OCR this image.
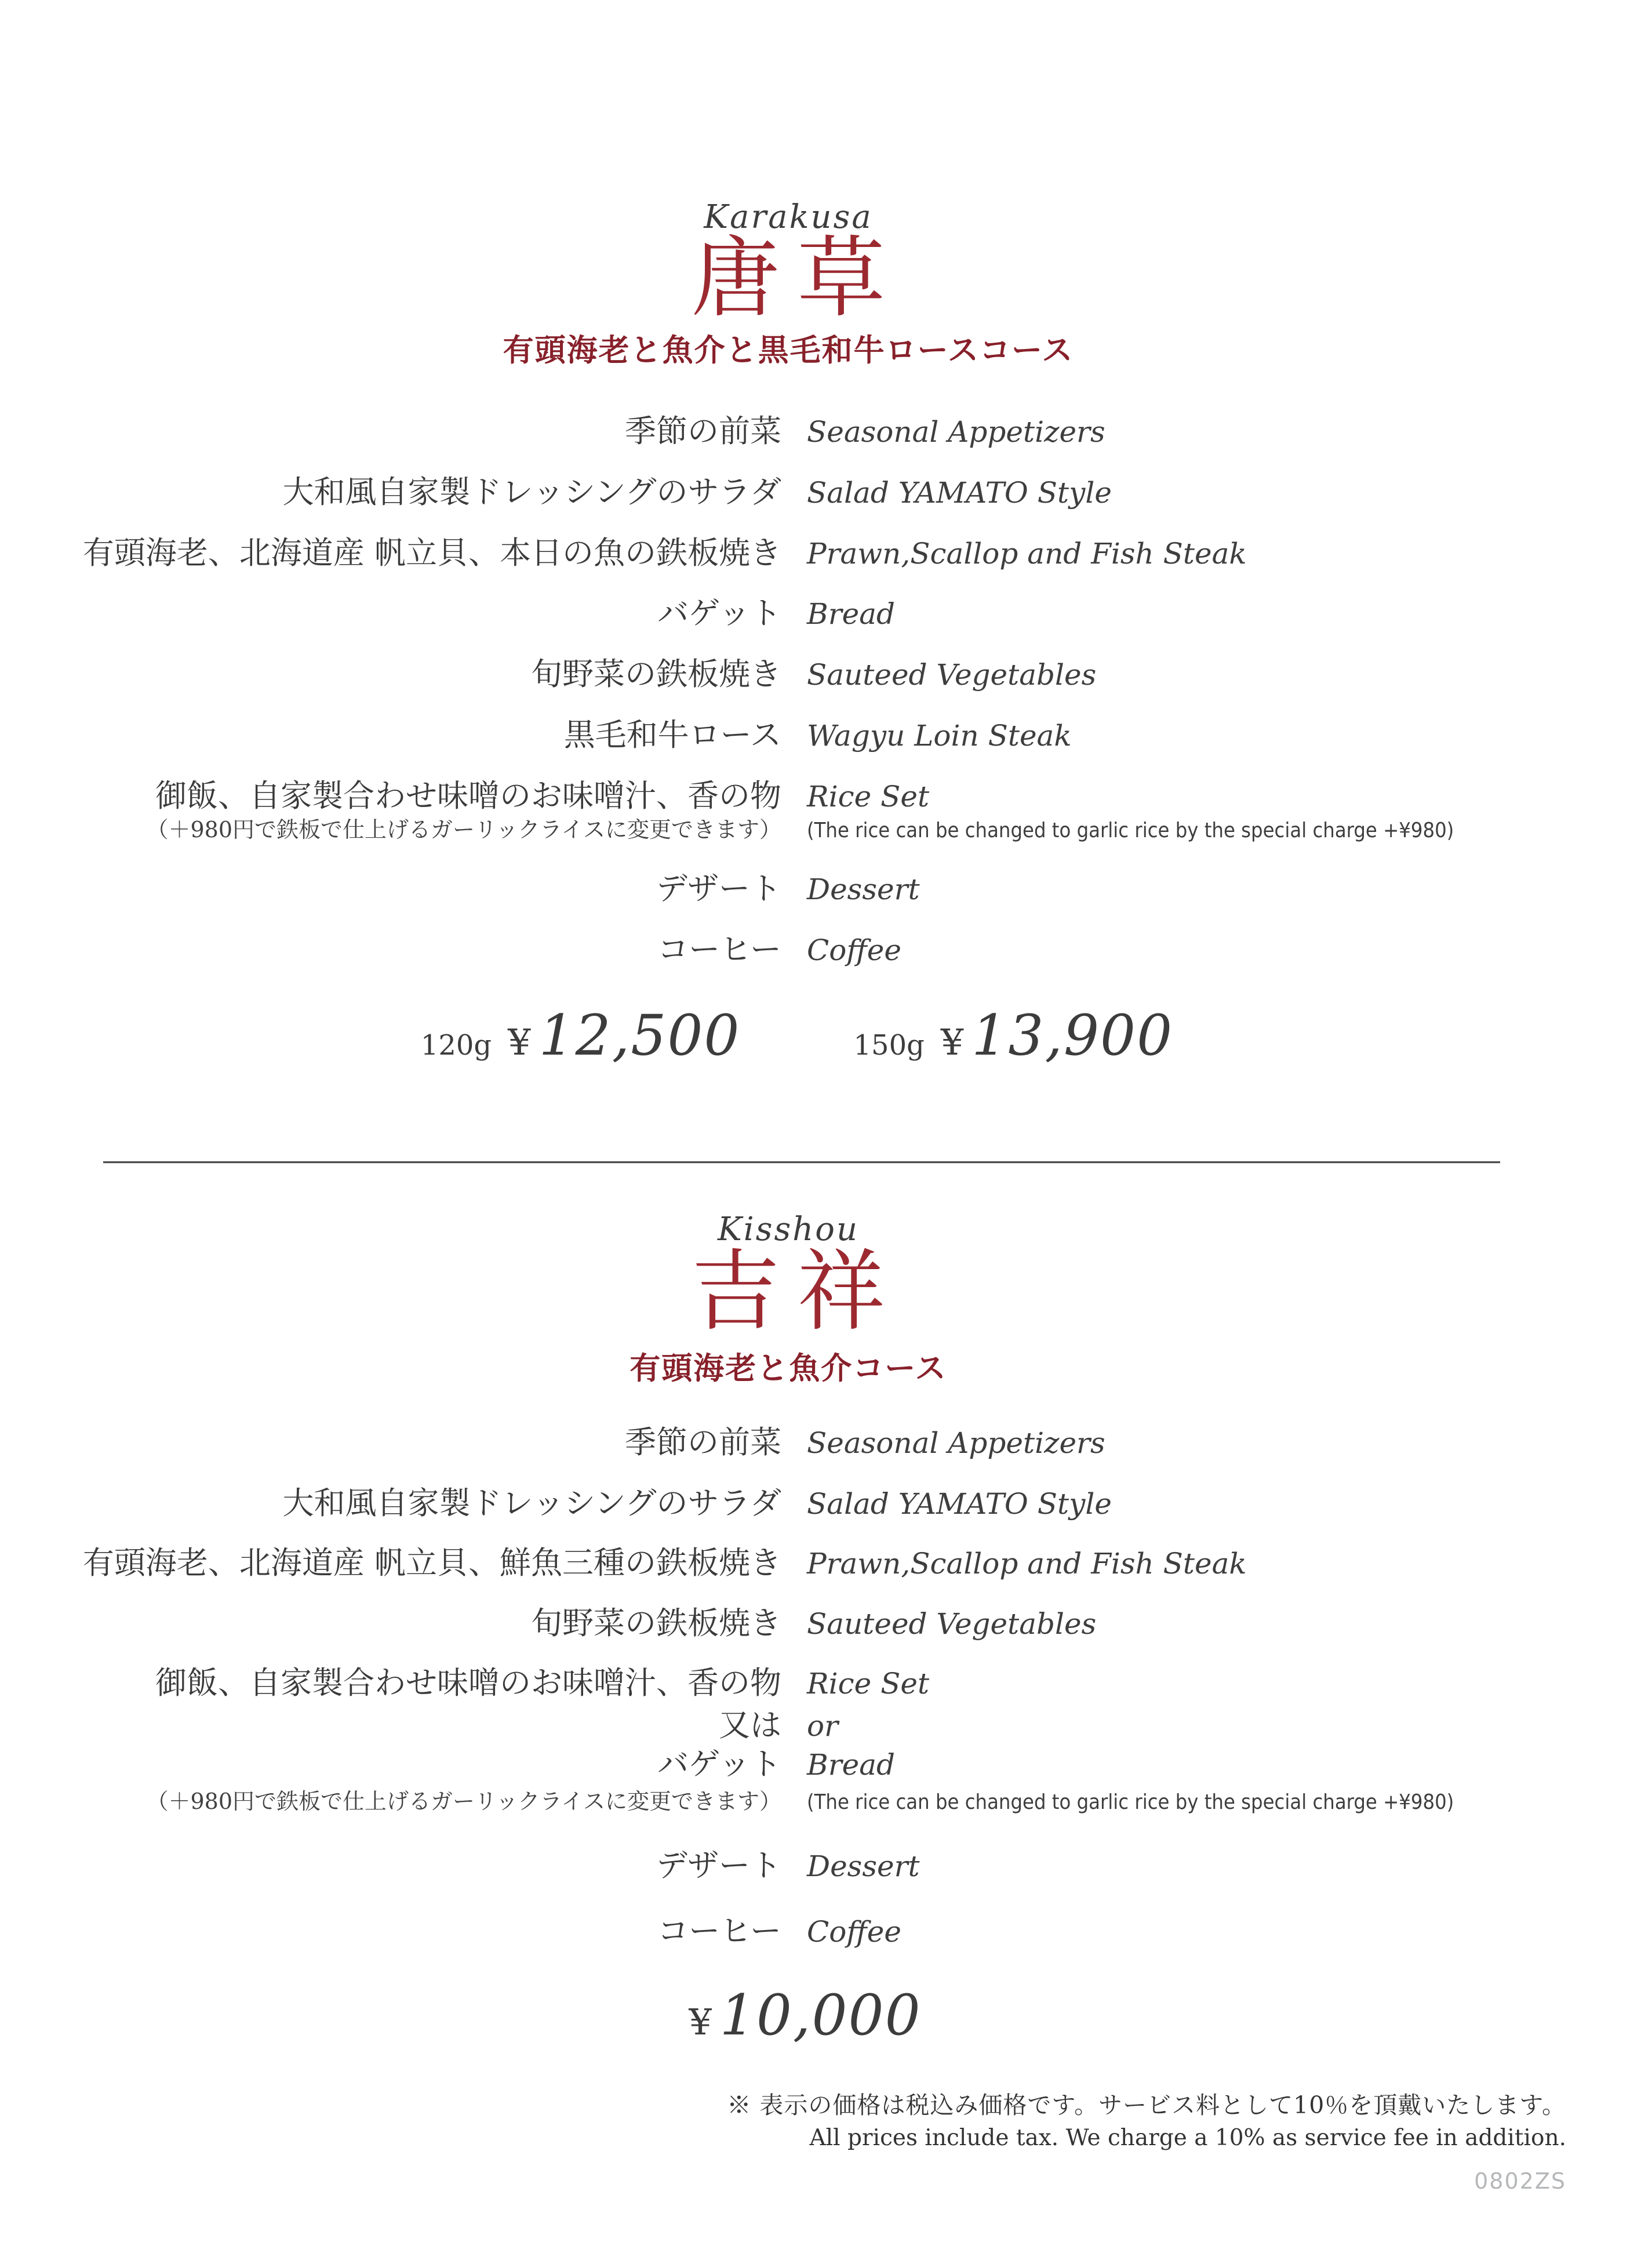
Karakusa
唐草
有頭海老と魚介と黒毛和牛ロースコース
季節の前菜 Seasonal Appetizers
大和風自家製ドレッシングのサラダ Salad YAMATO Style
有頭海老、北海道産 帆立貝、本日の魚の鉄板焼き Prawn,Scallop and Fish Steak
バゲット Bread
旬野菜の鉄板焼き Sauteed Vegetables
黒毛和牛ロース Wagyu Loin Steak
御飯、自家製合わせ味噌のお味噌汁、香の物 Rice Set
（＋980円で鉄板で仕上げるガーリックライスに変更できます） (The rice can be changed to garlic rice by the special charge +¥980)
デザート Dessert
コーヒー Coffee
120g ¥ 12,500	150g ¥ 13,900
Kisshou
吉祥
有頭海老と魚介コース
季節の前菜 Seasonal Appetizers
大和風自家製ドレッシングのサラダ Salad YAMATO Style
有頭海老、北海道産 帆立貝、鮮魚三種の鉄板焼き Prawn,Scallop and Fish Steak
旬野菜の鉄板焼き Sauteed Vegetables
御飯、自家製合わせ味噌のお味噌汁、香の物 Rice Set
又は or
バゲット Bread
（＋980円で鉄板で仕上げるガーリックライスに変更できます） (The rice can be changed to garlic rice by the special charge +¥980)
デザート Dessert
コーヒー Coffee
¥ 10,000
※ 表示の価格は税込み価格です。サービス料として10％を頂戴いたします。
All prices include tax. We charge a 10% as service fee in addition.
0802ZS
